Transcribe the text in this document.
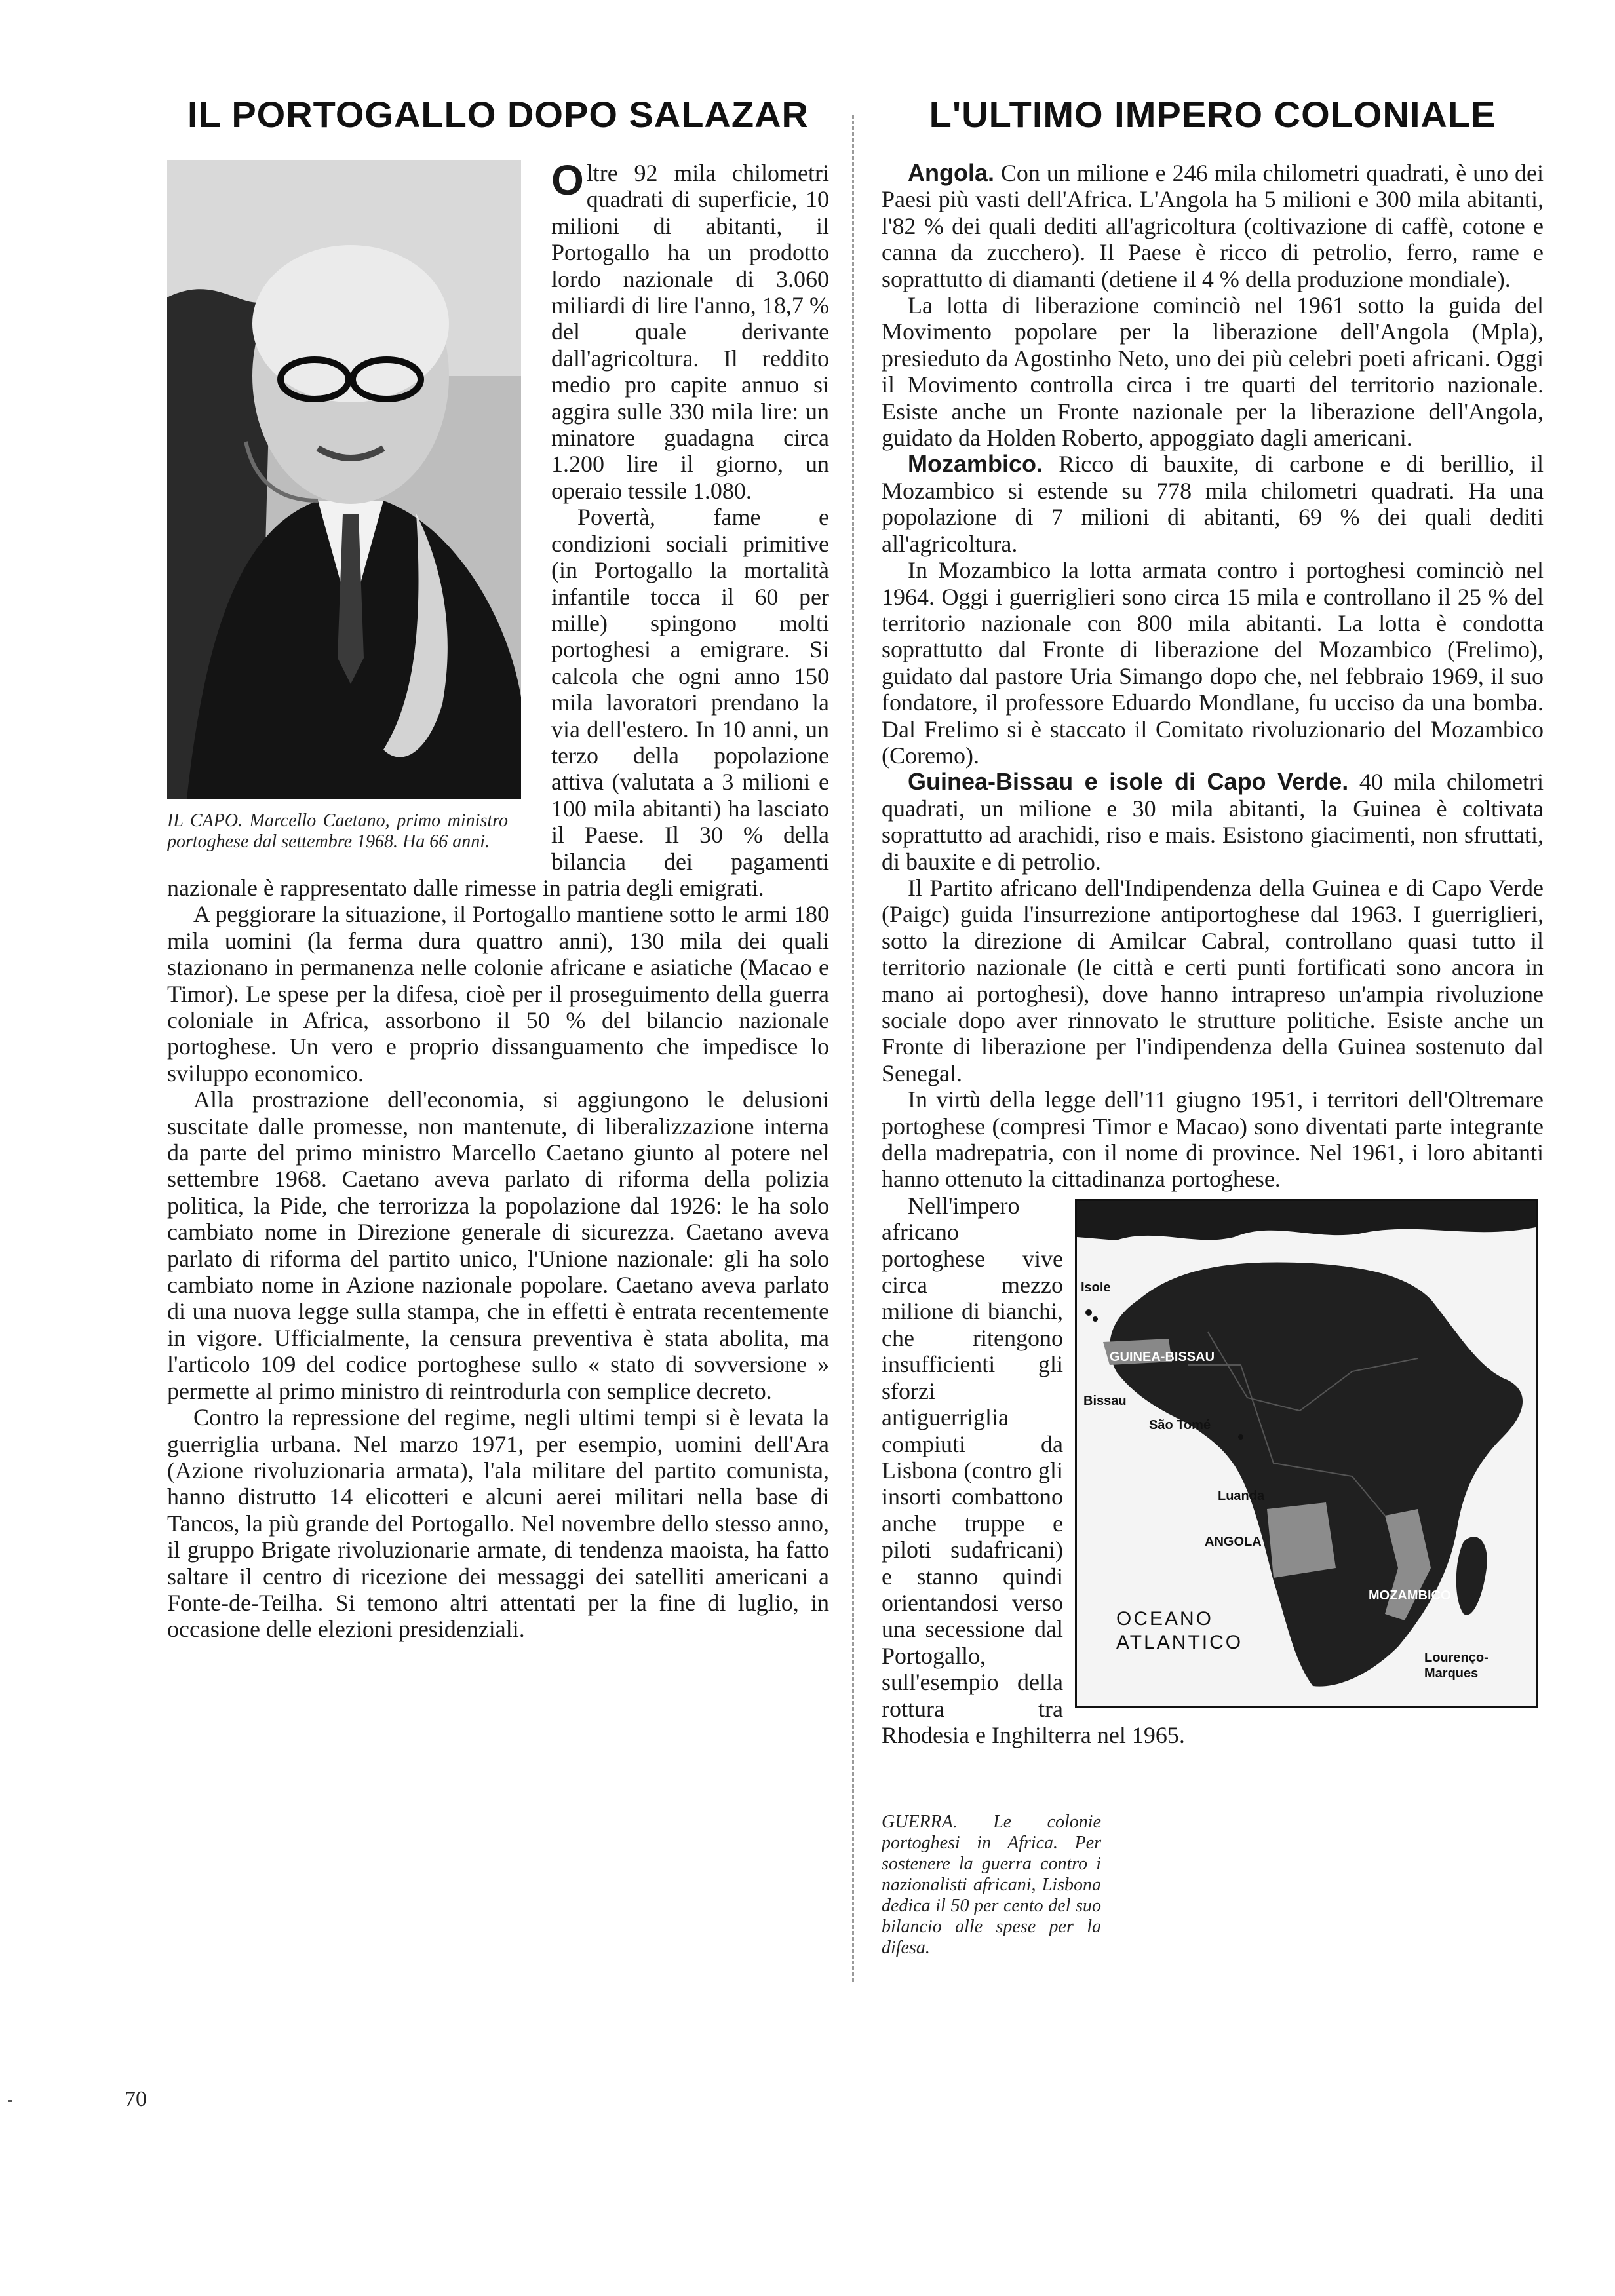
IL PORTOGALLO DOPO SALAZAR
IL CAPO. Marcello Caetano, primo ministro portoghese dal settembre 1968. Ha 66 anni.

Oltre 92 mila chilometri quadrati di superficie, 10 milioni di abitanti, il Portogallo ha un prodotto lordo nazionale di 3.060 miliardi di lire l'anno, 18,7 % del quale derivante dall'agricoltura. Il reddito medio pro capite annuo si aggira sulle 330 mila lire: un minatore guadagna circa 1.200 lire il giorno, un operaio tessile 1.080.

Povertà, fame e condizioni sociali primitive (in Portogallo la mortalità infantile tocca il 60 per mille) spingono molti portoghesi a emigrare. Si calcola che ogni anno 150 mila lavoratori prendano la via dell'estero. In 10 anni, un terzo della popolazione attiva (valutata a 3 milioni e 100 mila abitanti) ha lasciato il Paese. Il 30 % della bilancia dei pagamenti nazionale è rappresentato dalle rimesse in patria degli emigrati.

A peggiorare la situazione, il Portogallo mantiene sotto le armi 180 mila uomini (la ferma dura quattro anni), 130 mila dei quali stazionano in permanenza nelle colonie africane e asiatiche (Macao e Timor). Le spese per la difesa, cioè per il proseguimento della guerra coloniale in Africa, assorbono il 50 % del bilancio nazionale portoghese. Un vero e proprio dissanguamento che impedisce lo sviluppo economico.

Alla prostrazione dell'economia, si aggiungono le delusioni suscitate dalle promesse, non mantenute, di liberalizzazione interna da parte del primo ministro Marcello Caetano giunto al potere nel settembre 1968. Caetano aveva parlato di riforma della polizia politica, la Pide, che terrorizza la popolazione dal 1926: le ha solo cambiato nome in Direzione generale di sicurezza. Caetano aveva parlato di riforma del partito unico, l'Unione nazionale: gli ha solo cambiato nome in Azione nazionale popolare. Caetano aveva parlato di una nuova legge sulla stampa, che in effetti è entrata recentemente in vigore. Ufficialmente, la censura preventiva è stata abolita, ma l'articolo 109 del codice portoghese sullo « stato di sovversione » permette al primo ministro di reintrodurla con semplice decreto.

Contro la repressione del regime, negli ultimi tempi si è levata la guerriglia urbana. Nel marzo 1971, per esempio, uomini dell'Ara (Azione rivoluzionaria armata), l'ala militare del partito comunista, hanno distrutto 14 elicotteri e alcuni aerei militari nella base di Tancos, la più grande del Portogallo. Nel novembre dello stesso anno, il gruppo Brigate rivoluzionarie armate, di tendenza maoista, ha fatto saltare il centro di ricezione dei messaggi dei satelliti americani a Fonte-de-Teilha. Si temono altri attentati per la fine di luglio, in occasione delle elezioni presidenziali.

L'ULTIMO IMPERO COLONIALE

Angola. Con un milione e 246 mila chilometri quadrati, è uno dei Paesi più vasti dell'Africa. L'Angola ha 5 milioni e 300 mila abitanti, l'82 % dei quali dediti all'agricoltura (coltivazione di caffè, cotone e canna da zucchero). Il Paese è ricco di petrolio, ferro, rame e soprattutto di diamanti (detiene il 4 % della produzione mondiale).

La lotta di liberazione cominciò nel 1961 sotto la guida del Movimento popolare per la liberazione dell'Angola (Mpla), presieduto da Agostinho Neto, uno dei più celebri poeti africani. Oggi il Movimento controlla circa i tre quarti del territorio nazionale. Esiste anche un Fronte nazionale per la liberazione dell'Angola, guidato da Holden Roberto, appoggiato dagli americani.

Mozambico. Ricco di bauxite, di carbone e di berillio, il Mozambico si estende su 778 mila chilometri quadrati. Ha una popolazione di 7 milioni di abitanti, 69 % dei quali dediti all'agricoltura.

In Mozambico la lotta armata contro i portoghesi cominciò nel 1964. Oggi i guerriglieri sono circa 15 mila e controllano il 25 % del territorio nazionale con 800 mila abitanti. La lotta è condotta soprattutto dal Fronte di liberazione del Mozambico (Frelimo), guidato dal pastore Uria Simango dopo che, nel febbraio 1969, il suo fondatore, il professore Eduardo Mondlane, fu ucciso da una bomba. Dal Frelimo si è staccato il Comitato rivoluzionario del Mozambico (Coremo).

Guinea-Bissau e isole di Capo Verde. 40 mila chilometri quadrati, un milione e 30 mila abitanti, la Guinea è coltivata soprattutto ad arachidi, riso e mais. Esistono giacimenti, non sfruttati, di bauxite e di petrolio.

Il Partito africano dell'Indipendenza della Guinea e di Capo Verde (Paigc) guida l'insurrezione antiportoghese dal 1963. I guerriglieri, sotto la direzione di Amilcar Cabral, controllano quasi tutto il territorio nazionale (le città e certi punti fortificati sono ancora in mano ai portoghesi), dove hanno intrapreso un'ampia rivoluzione sociale dopo aver rinnovato le strutture politiche. Esiste anche un Fronte di liberazione per l'indipendenza della Guinea sostenuto dal Senegal.

In virtù della legge dell'11 giugno 1951, i territori dell'Oltremare portoghese (compresi Timor e Macao) sono diventati parte integrante della madrepatria, con il nome di province. Nel 1961, i loro abitanti hanno ottenuto la cittadinanza portoghese.

Isole
GUINEA-BISSAU
Bissau
São Tomé
Luanda
ANGOLA
MOZAMBICO
OCEANO
ATLANTICO
Lourenço-
Marques

Nell'impero africano portoghese vive circa mezzo milione di bianchi, che ritengono insufficienti gli sforzi antiguerriglia compiuti da Lisbona (contro gli insorti combattono anche truppe e piloti sudafricani) e stanno quindi orientandosi verso una secessione dal Portogallo, sull'esempio della rottura tra Rhodesia e Inghilterra nel 1965.

GUERRA. Le colonie portoghesi in Africa. Per sostenere la guerra contro i nazionalisti africani, Lisbona dedica il 50 per cento del suo bilancio alle spese per la difesa.
70
